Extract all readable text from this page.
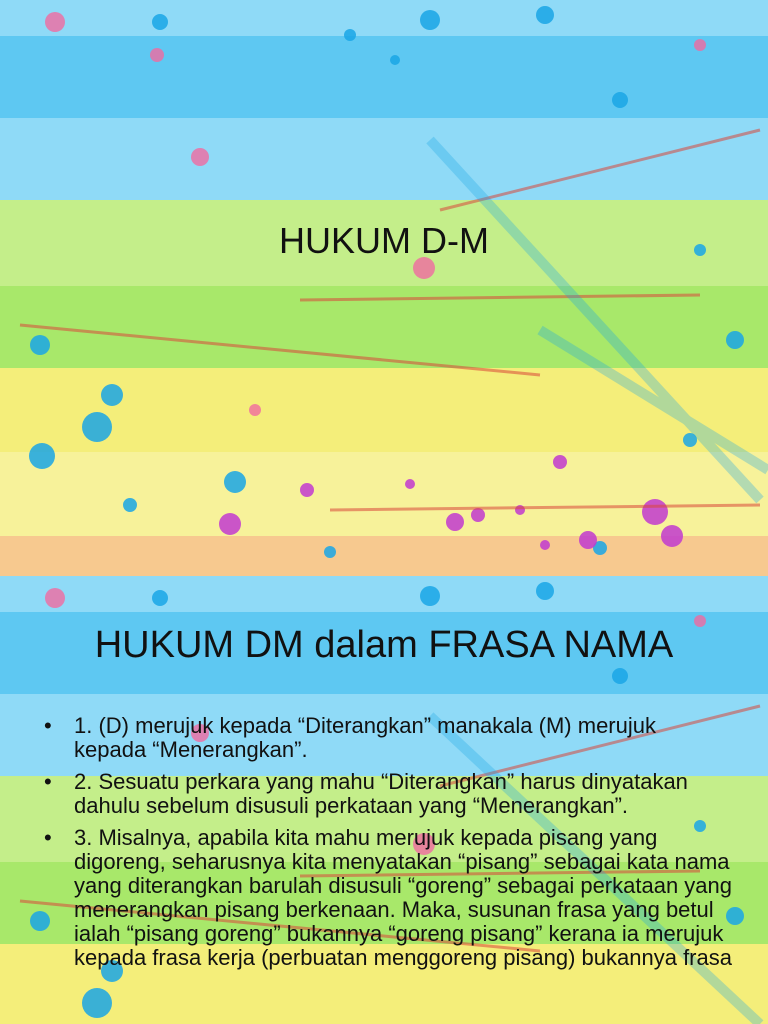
HUKUM D-M
HUKUM DM dalam FRASA NAMA
• 1. (D) merujuk kepada “Diterangkan” manakala (M) merujuk kepada “Menerangkan”.
• 2. Sesuatu perkara yang mahu “Diterangkan” harus dinyatakan dahulu sebelum disusuli perkataan yang “Menerangkan”.
• 3. Misalnya, apabila kita mahu merujuk kepada pisang yang digoreng, seharusnya kita menyatakan “pisang” sebagai kata nama yang diterangkan barulah disusuli “goreng” sebagai perkataan yang menerangkan pisang berkenaan. Maka, susunan frasa yang betul ialah “pisang goreng” bukannya “goreng pisang” kerana ia merujuk kepada frasa kerja (perbuatan menggoreng pisang) bukannya frasa
